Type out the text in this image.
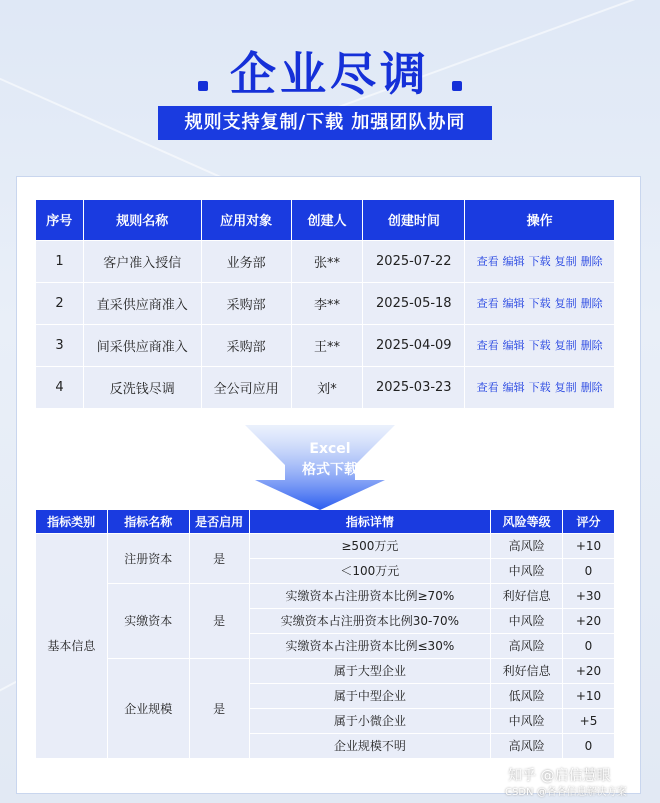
企业尽调
规则支持复制/下载 加强团队协同
序号	规则名称	应用对象	创建人	创建时间	操作
1	客户准入授信	业务部	张**	2025-07-22	查看 编辑 下载 复制 删除
2	直采供应商准入	采购部	李**	2025-05-18	查看 编辑 下载 复制 删除
3	间采供应商准入	采购部	王**	2025-04-09	查看 编辑 下载 复制 删除
4	反洗钱尽调	全公司应用	刘*	2025-03-23	查看 编辑 下载 复制 删除
Excel
格式下载
指标类别	指标名称	是否启用	指标详情	风险等级	评分
基本信息	注册资本	是	≥500万元	高风险	+10
			＜100万元	中风险	0
	实缴资本	是	实缴资本占注册资本比例≥70%	利好信息	+30
			实缴资本占注册资本比例30-70%	中风险	+20
			实缴资本占注册资本比例≤30%	高风险	0
	企业规模	是	属于大型企业	利好信息	+20
			属于中型企业	低风险	+10
			属于小微企业	中风险	+5
			企业规模不明	高风险	0
知乎 @启信慧眼
CSDN @各各信息解决方案
